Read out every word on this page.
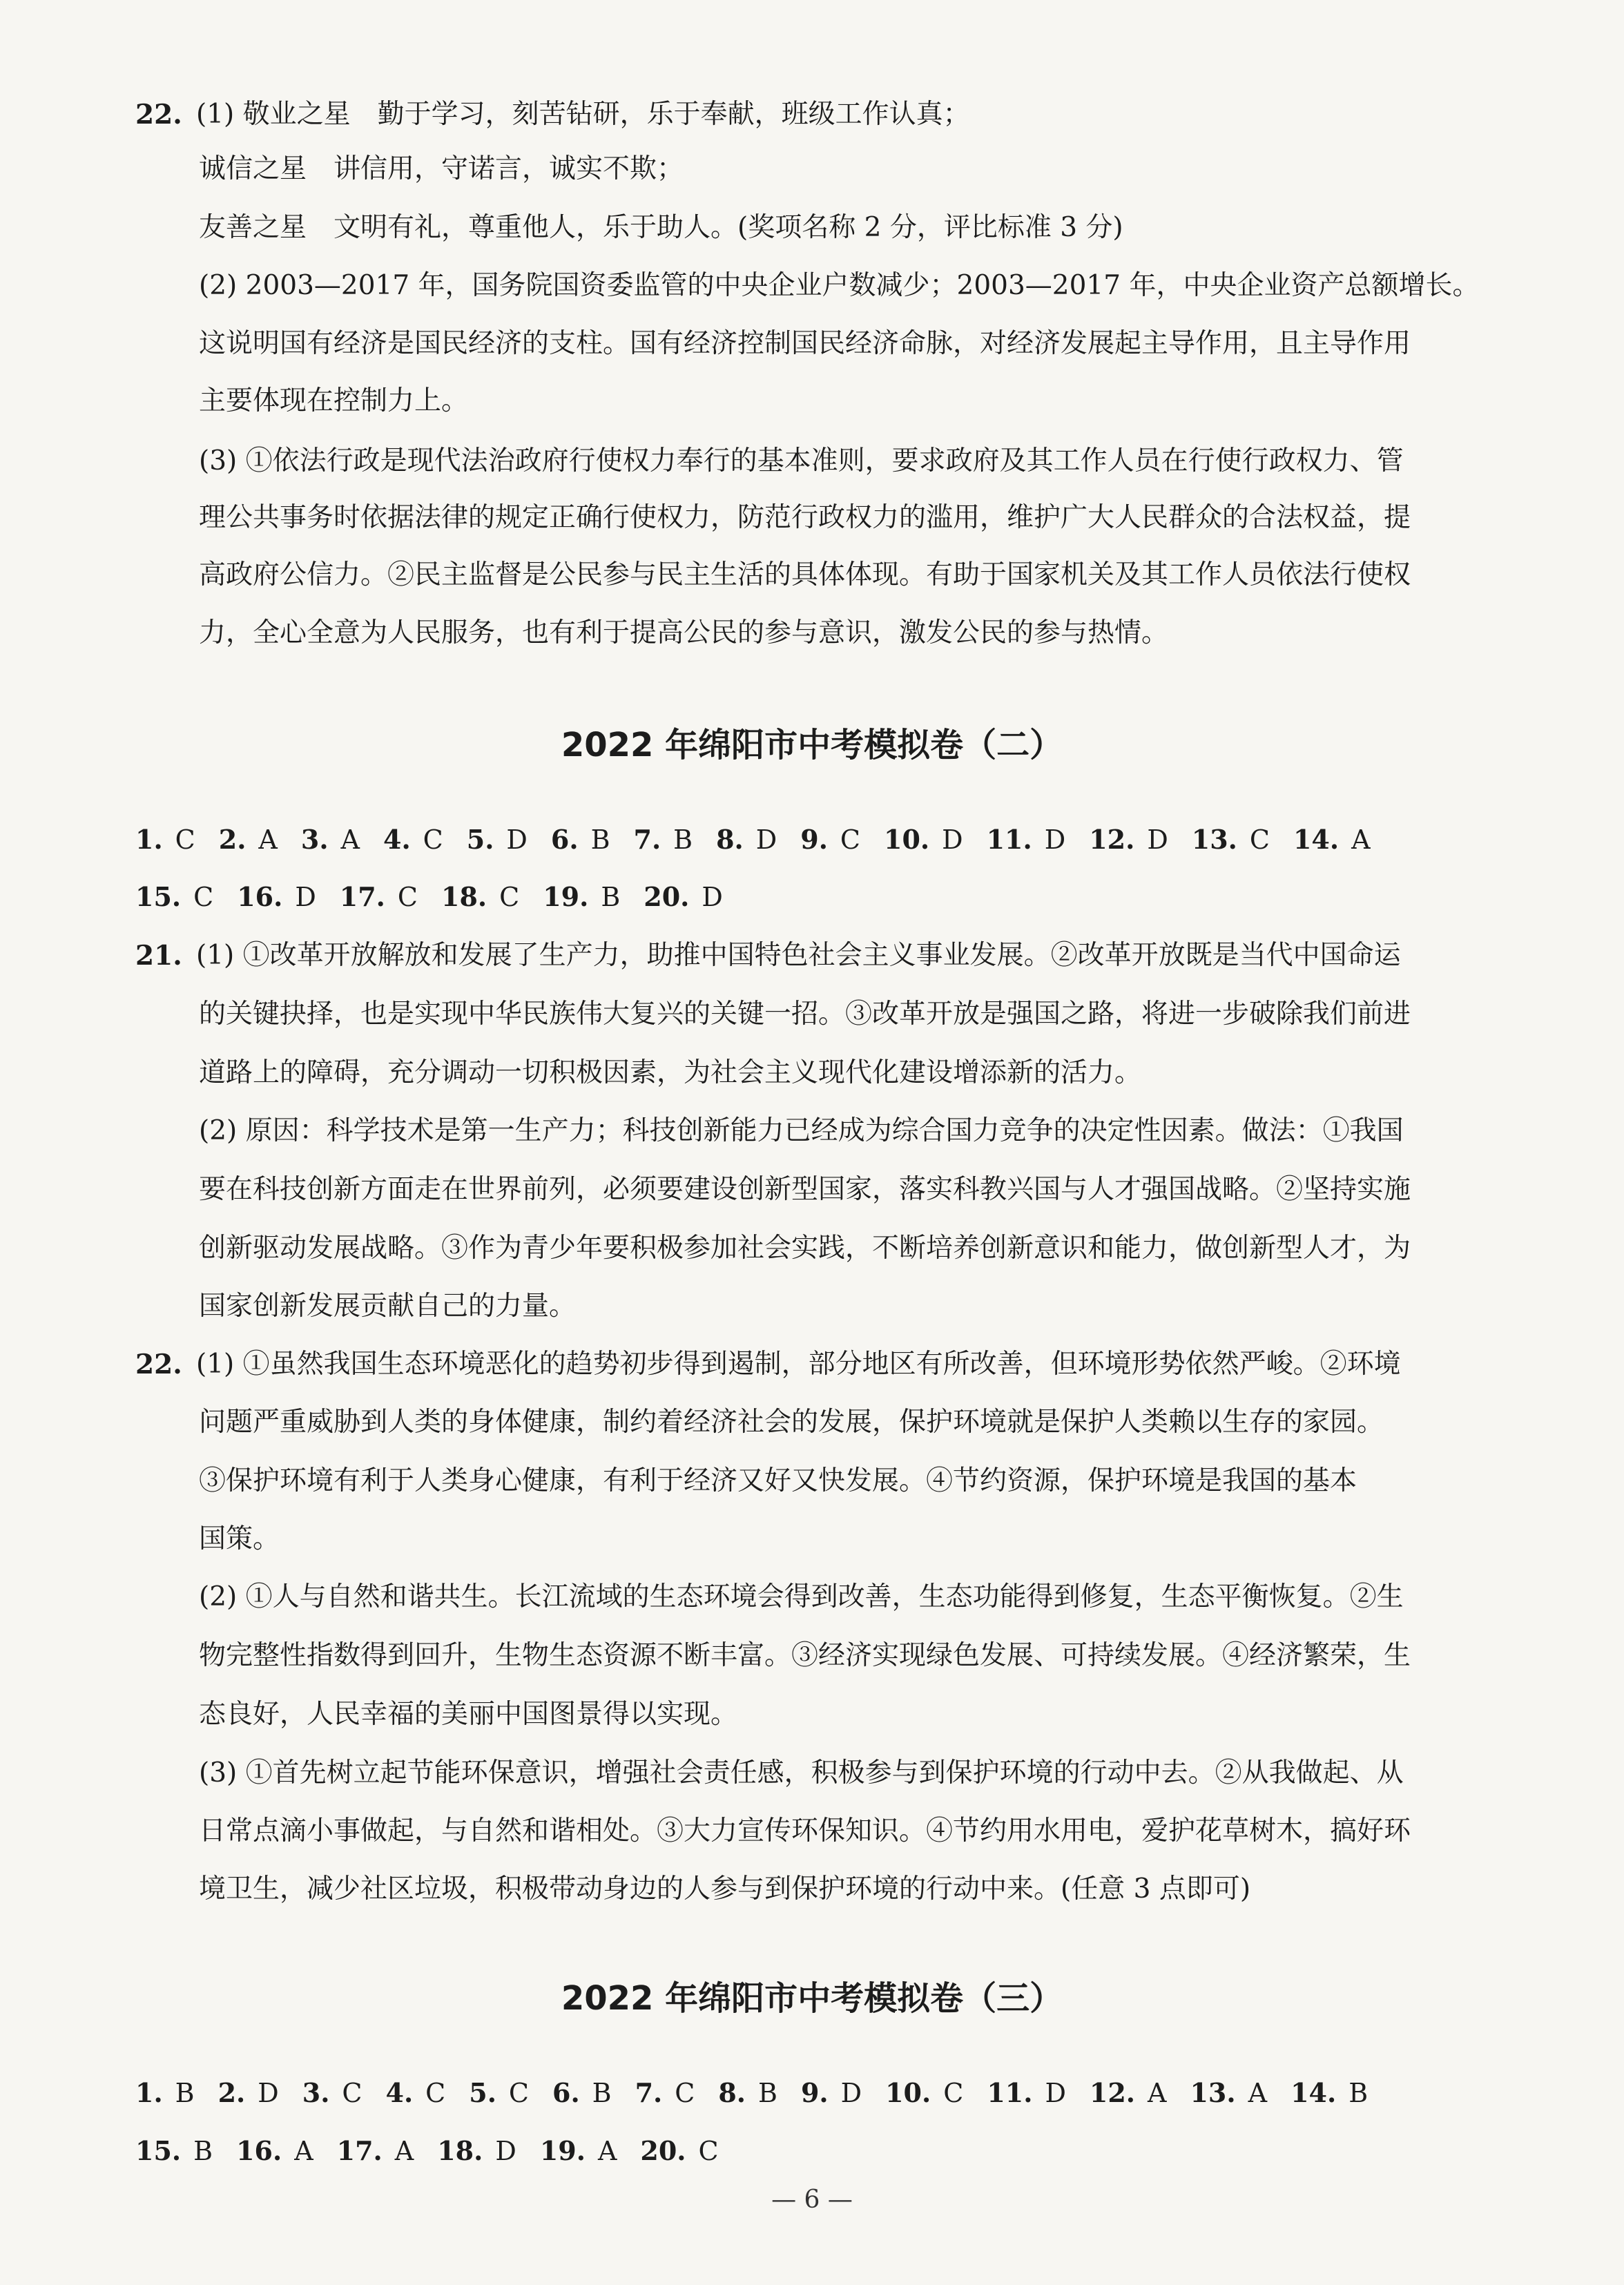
22. (1) 敬业之星　勤于学习，刻苦钻研，乐于奉献，班级工作认真；
诚信之星　讲信用，守诺言，诚实不欺；
友善之星　文明有礼，尊重他人，乐于助人。(奖项名称 2 分，评比标准 3 分)
(2) 2003—2017 年，国务院国资委监管的中央企业户数减少；2003—2017 年，中央企业资产总额增长。
这说明国有经济是国民经济的支柱。国有经济控制国民经济命脉，对经济发展起主导作用，且主导作用
主要体现在控制力上。
(3) ①依法行政是现代法治政府行使权力奉行的基本准则，要求政府及其工作人员在行使行政权力、管
理公共事务时依据法律的规定正确行使权力，防范行政权力的滥用，维护广大人民群众的合法权益，提
高政府公信力。②民主监督是公民参与民主生活的具体体现。有助于国家机关及其工作人员依法行使权
力，全心全意为人民服务，也有利于提高公民的参与意识，激发公民的参与热情。
2022 年绵阳市中考模拟卷（二）
1. C 2. A 3. A 4. C 5. D 6. B 7. B 8. D 9. C 10. D 11. D 12. D 13. C 14. A
15. C 16. D 17. C 18. C 19. B 20. D
21. (1) ①改革开放解放和发展了生产力，助推中国特色社会主义事业发展。②改革开放既是当代中国命运
的关键抉择，也是实现中华民族伟大复兴的关键一招。③改革开放是强国之路，将进一步破除我们前进
道路上的障碍，充分调动一切积极因素，为社会主义现代化建设增添新的活力。
(2) 原因：科学技术是第一生产力；科技创新能力已经成为综合国力竞争的决定性因素。做法：①我国
要在科技创新方面走在世界前列，必须要建设创新型国家，落实科教兴国与人才强国战略。②坚持实施
创新驱动发展战略。③作为青少年要积极参加社会实践，不断培养创新意识和能力，做创新型人才，为
国家创新发展贡献自己的力量。
22. (1) ①虽然我国生态环境恶化的趋势初步得到遏制，部分地区有所改善，但环境形势依然严峻。②环境
问题严重威胁到人类的身体健康，制约着经济社会的发展，保护环境就是保护人类赖以生存的家园。
③保护环境有利于人类身心健康，有利于经济又好又快发展。④节约资源，保护环境是我国的基本
国策。
(2) ①人与自然和谐共生。长江流域的生态环境会得到改善，生态功能得到修复，生态平衡恢复。②生
物完整性指数得到回升，生物生态资源不断丰富。③经济实现绿色发展、可持续发展。④经济繁荣，生
态良好，人民幸福的美丽中国图景得以实现。
(3) ①首先树立起节能环保意识，增强社会责任感，积极参与到保护环境的行动中去。②从我做起、从
日常点滴小事做起，与自然和谐相处。③大力宣传环保知识。④节约用水用电，爱护花草树木，搞好环
境卫生，减少社区垃圾，积极带动身边的人参与到保护环境的行动中来。(任意 3 点即可)
2022 年绵阳市中考模拟卷（三）
1. B 2. D 3. C 4. C 5. C 6. B 7. C 8. B 9. D 10. C 11. D 12. A 13. A 14. B
15. B 16. A 17. A 18. D 19. A 20. C
— 6 —
